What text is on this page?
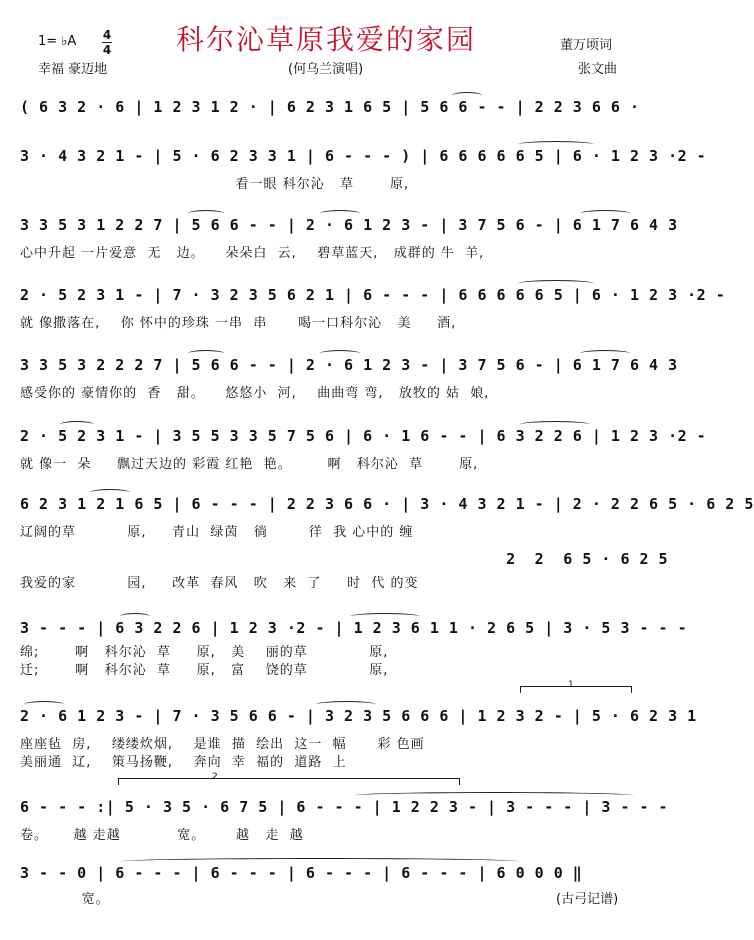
1= ♭A 4
4 科尔沁草原我爱的家园	董万顷词
幸福 豪迈地	(何乌兰演唱)	张文曲
( 6 3 2 · 6 | 1 2 3 1 2 · | 6 2 3 1 6 5 | 5 6 6 - - | 2 2 3 6 6 ·
3 · 4 3 2 1 - | 5 · 6 2 3 3 1 | 6 - - - ) | 6 6 6 6 6 5 | 6 · 1 2 3 ·2 -
看一眼 科尔沁   草       原,
3 3 5 3 1 2 2 7 | 5 6 6 - - | 2 · 6 1 2 3 - | 3 7 5 6 - | 6 1 7 6 4 3
心中升起 一片爱意  无   边。    朵朵白  云,    碧草蓝天,   成群的 牛  羊,
2 · 5 2 3 1 - | 7 · 3 2 3 5 6 2 1 | 6 - - - | 6 6 6 6 6 5 | 6 · 1 2 3 ·2 -
就 像撒落在,    你 怀中的珍珠 一串  串      喝一口科尔沁   美     酒,
3 3 5 3 2 2 2 7 | 5 6 6 - - | 2 · 6 1 2 3 - | 3 7 5 6 - | 6 1 7 6 4 3
感受你的 豪情你的  香   甜。    悠悠小  河,    曲曲弯 弯,   放牧的 姑  娘,
2 · 5 2 3 1 - | 3 5 5 3 3 5 7 5 6 | 6 · 1 6 - - | 6 3 2 2 6 | 1 2 3 ·2 -
就 像一  朵     飘过天边的 彩霞 红艳  艳。       啊   科尔沁  草       原,
6 2 3 1 2 1 6 5 | 6 - - - | 2 2 3 6 6 · | 3 · 4 3 2 1 - | 2 · 2 2 6 5 · 6 2 5
辽阔的草          原,     青山  绿茵   徜        徉  我 心中的 缠
2  2  6 5 · 6 2 5
我爱的家          园,     改革  春风   吹   来  了     时  代 的变
3 - - - | 6 3 2 2 6 | 1 2 3 ·2 - | 1 2 3 6 1 1 · 2 6 5 | 3 · 5 3 - - -
绵;       啊   科尔沁  草     原,   美    丽的草            原,
迁;       啊   科尔沁  草     原,   富    饶的草            原,
1
2 · 6 1 2 3 - | 7 · 3 5 6 6 - | 3 2 3 5 6 6 6 | 1 2 3 2 - | 5 · 6 2 3 1
座座毡  房,    缕缕炊烟,    是谁  描  绘出  这一  幅      彩 色画
美丽通  辽,    策马扬鞭,    奔向  幸  福的  道路  上
2
6 - - - :| 5 · 3 5 · 6 7 5 | 6 - - - | 1 2 2 3 - | 3 - - - | 3 - - -
卷。     越 走越           宽。      越   走  越
3 - - 0 | 6 - - - | 6 - - - | 6 - - - | 6 - - - | 6 0 0 0 ‖
宽。	(古弓记谱)
